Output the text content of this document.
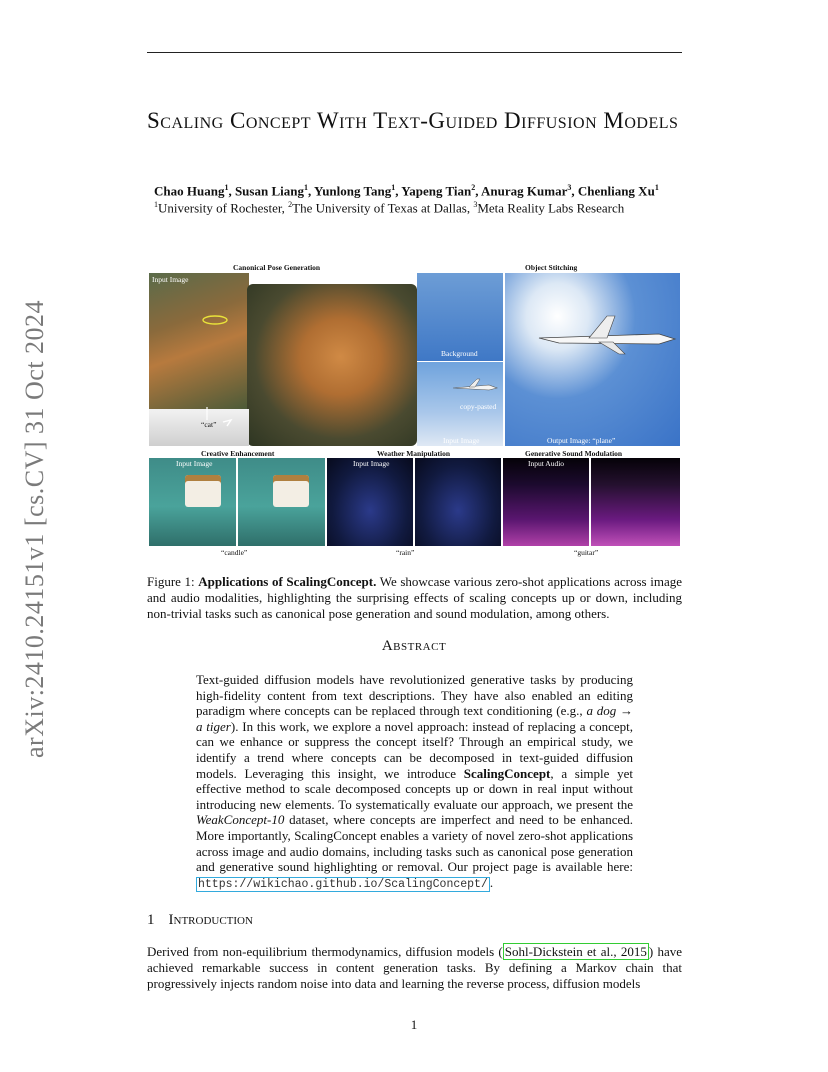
arXiv:2410.24151v1 [cs.CV] 31 Oct 2024
Scaling Concept With Text-Guided Diffusion Models
Chao Huang$^1$, Susan Liang$^1$, Yunlong Tang$^1$, Yapeng Tian$^2$, Anurag Kumar$^3$, Chenliang Xu$^1$
$^1$University of Rochester, $^2$The University of Texas at Dallas, $^3$Meta Reality Labs Research
Canonical Pose Generation	Object Stitching
Input Image
“cat”
Background
copy-pasted
Input Image	Output Image: “plane”
Creative Enhancement	Weather Manipulation	Generative Sound Modulation
Input Image
“candle”
Input Image
“rain”
Input Audio
“guitar”
Figure 1: Applications of ScalingConcept. We showcase various zero-shot applications across image and audio modalities, highlighting the surprising effects of scaling concepts up or down, including non-trivial tasks such as canonical pose generation and sound modulation, among others.
Abstract
Text-guided diffusion models have revolutionized generative tasks by producing high-fidelity content from text descriptions. They have also enabled an editing paradigm where concepts can be replaced through text conditioning (e.g., a dog → a tiger). In this work, we explore a novel approach: instead of replacing a concept, can we enhance or suppress the concept itself? Through an empirical study, we identify a trend where concepts can be decomposed in text-guided diffusion models. Leveraging this insight, we introduce ScalingConcept, a simple yet effective method to scale decomposed concepts up or down in real input without introducing new elements. To systematically evaluate our approach, we present the WeakConcept-10 dataset, where concepts are imperfect and need to be enhanced. More importantly, ScalingConcept enables a variety of novel zero-shot applications across image and audio domains, including tasks such as canonical pose generation and generative sound highlighting or removal. Our project page is available here: https://wikichao.github.io/ScalingConcept/ .
1 Introduction
Derived from non-equilibrium thermodynamics, diffusion models ( Sohl-Dickstein et al., 2015 ) have achieved remarkable success in content generation tasks. By defining a Markov chain that progressively injects random noise into data and learning the reverse process, diffusion models
1
